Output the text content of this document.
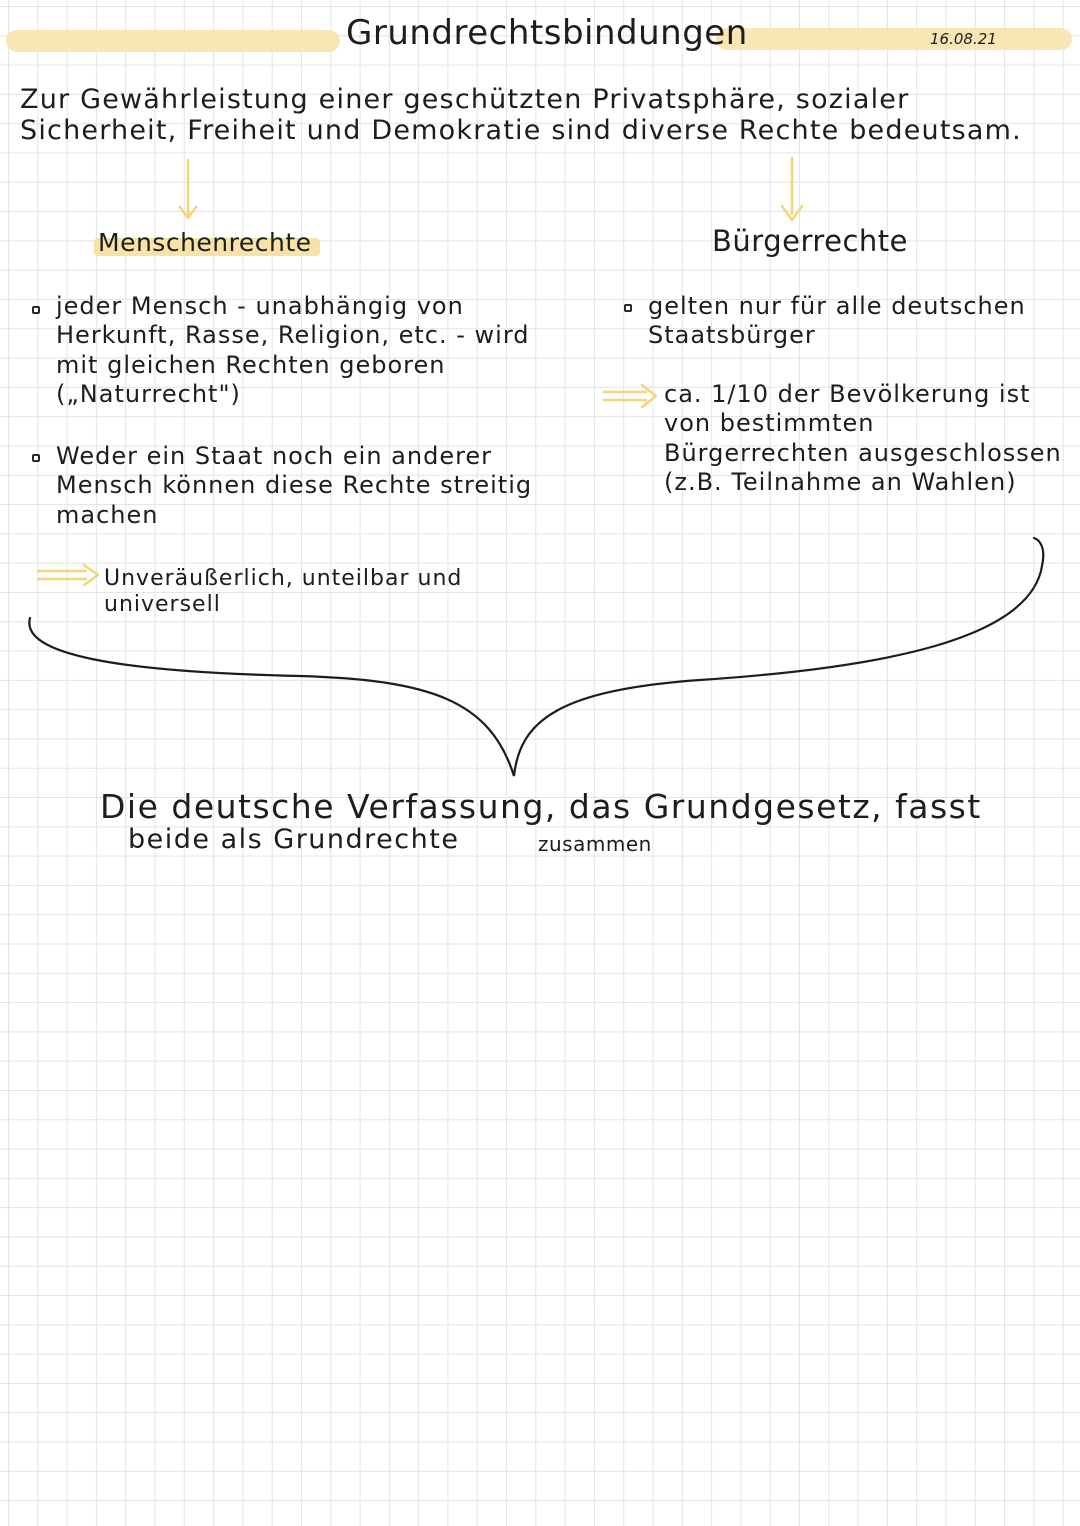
Grundrechtsbindungen	16.08.21
Zur Gewährleistung einer geschützten Privatsphäre, sozialer Sicherheit, Freiheit und Demokratie sind diverse Rechte bedeutsam.
Menschenrechte
jeder Mensch - unabhängig von Herkunft, Rasse, Religion, etc. - wird mit gleichen Rechten geboren („Naturrecht")
Weder ein Staat noch ein anderer Mensch können diese Rechte streitig machen
Unveräußerlich, unteilbar und universell
Bürgerrechte
gelten nur für alle deutschen Staatsbürger
ca. 1/10 der Bevölkerung ist von bestimmten Bürgerrechten ausgeschlossen (z.B. Teilnahme an Wahlen)
Die deutsche Verfassung, das Grundgesetz, fasst
beide als Grundrechte	zusammen
